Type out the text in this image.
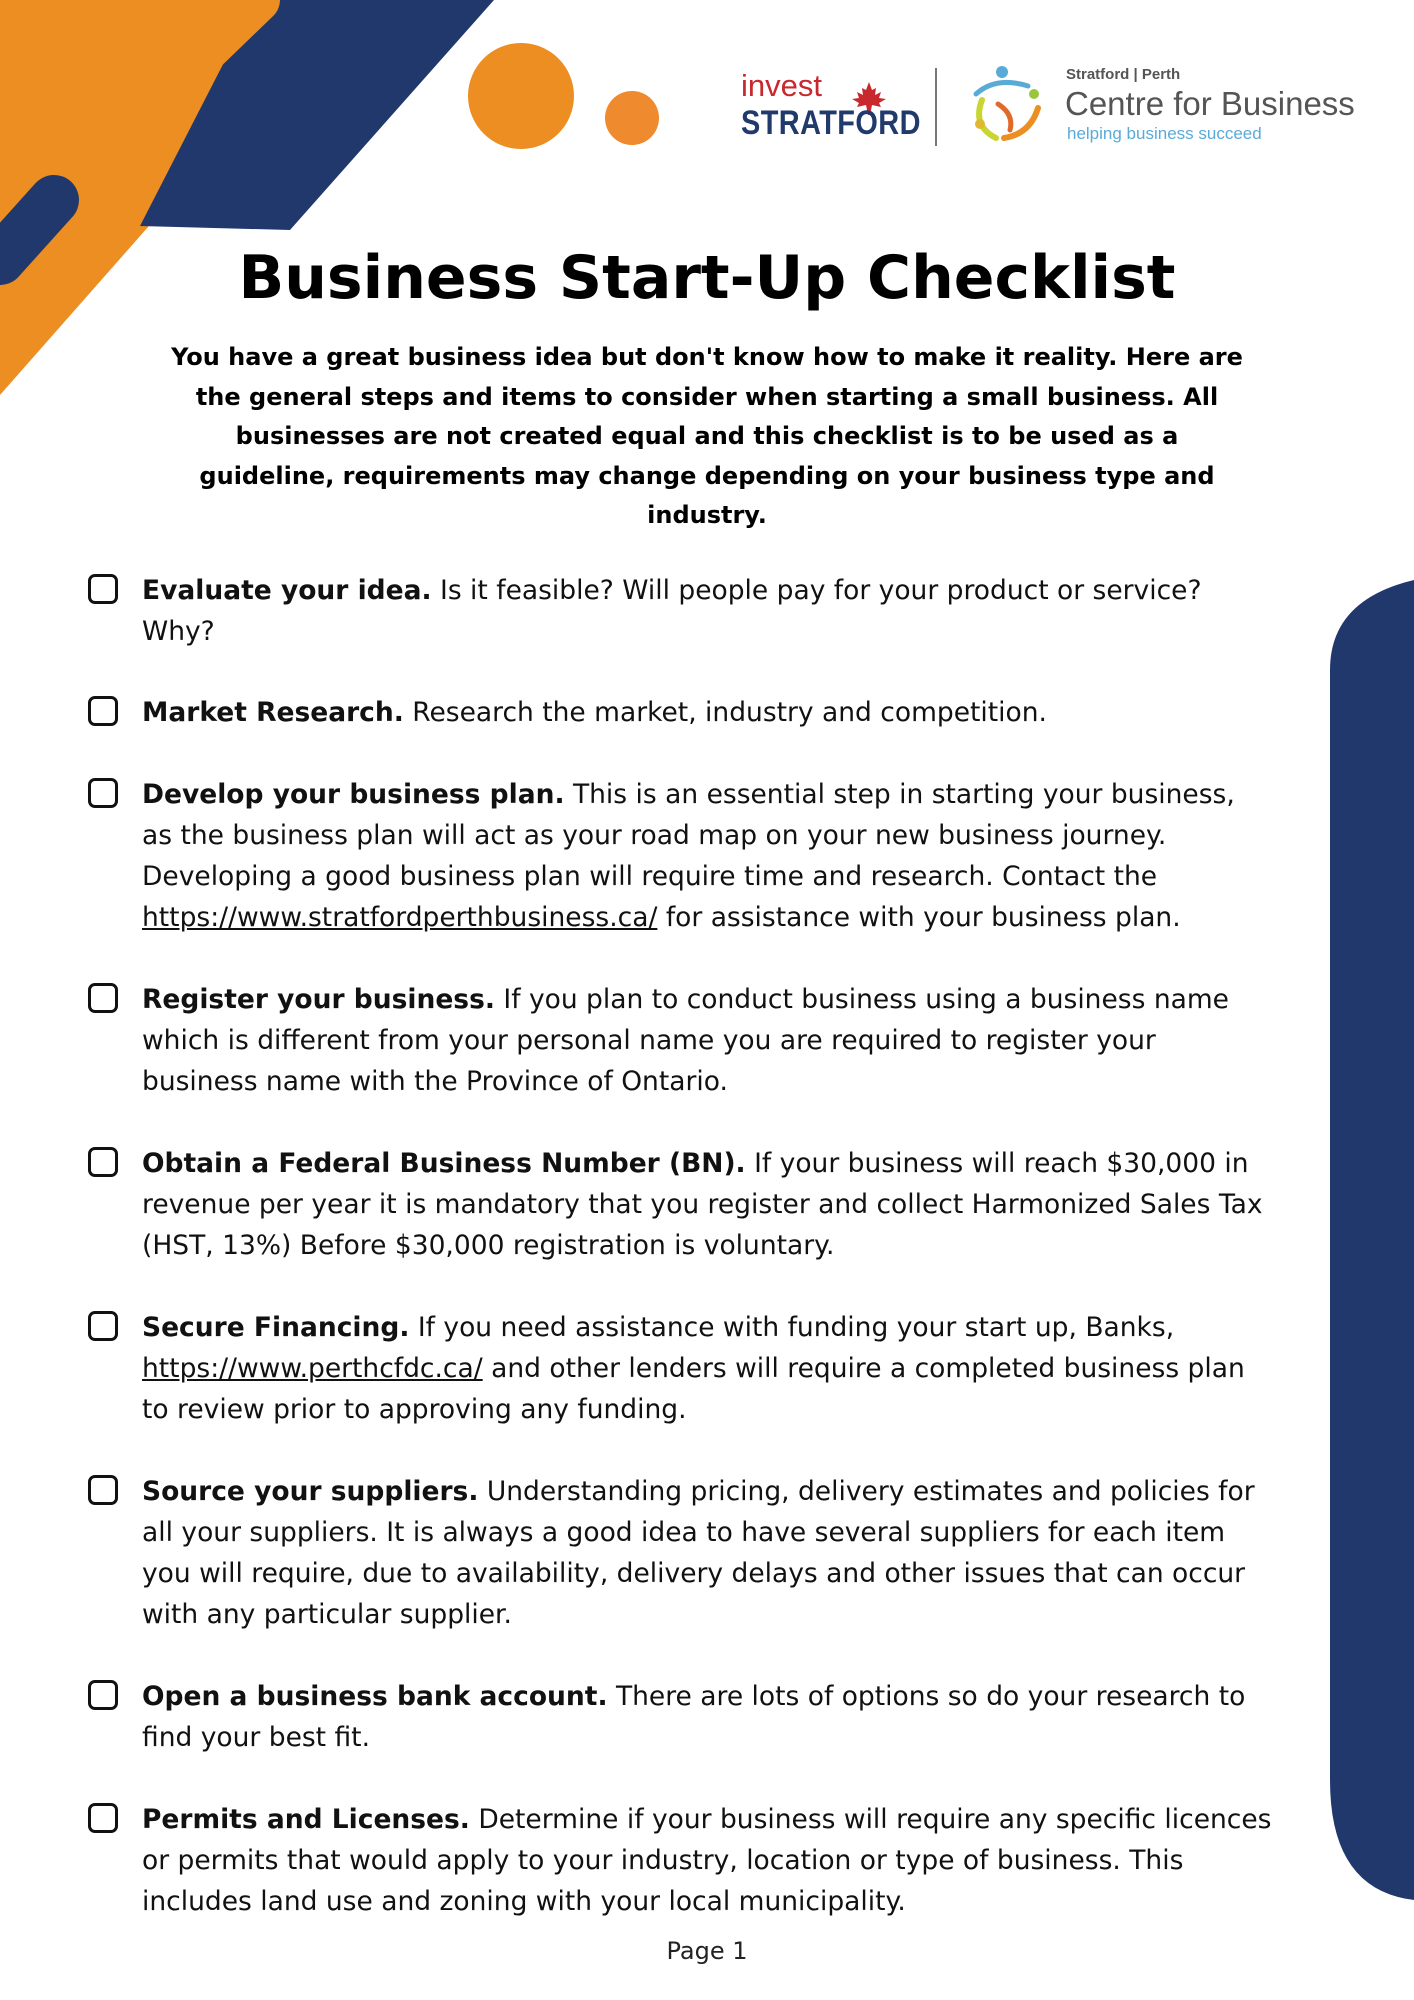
invest
STRATFORD
Stratford | Perth
Centre for Business
helping business succeed
Business Start-Up Checklist

You have a great business idea but don't know how to make it reality. Here are the general steps and items to consider when starting a small business. All businesses are not created equal and this checklist is to be used as a guideline, requirements may change depending on your business type and industry.

Evaluate your idea. Is it feasible? Will people pay for your product or service? Why?

Market Research. Research the market, industry and competition.

Develop your business plan. This is an essential step in starting your business, as the business plan will act as your road map on your new business journey. Developing a good business plan will require time and research. Contact the https://www.stratfordperthbusiness.ca/ for assistance with your business plan.

Register your business. If you plan to conduct business using a business name which is different from your personal name you are required to register your business name with the Province of Ontario.

Obtain a Federal Business Number (BN). If your business will reach $30,000 in revenue per year it is mandatory that you register and collect Harmonized Sales Tax (HST, 13%) Before $30,000 registration is voluntary.

Secure Financing. If you need assistance with funding your start up, Banks, https://www.perthcfdc.ca/ and other lenders will require a completed business plan to review prior to approving any funding.

Source your suppliers. Understanding pricing, delivery estimates and policies for all your suppliers. It is always a good idea to have several suppliers for each item you will require, due to availability, delivery delays and other issues that can occur with any particular supplier.

Open a business bank account. There are lots of options so do your research to find your best fit.

Permits and Licenses. Determine if your business will require any specific licences or permits that would apply to your industry, location or type of business. This includes land use and zoning with your local municipality.

Page 1
